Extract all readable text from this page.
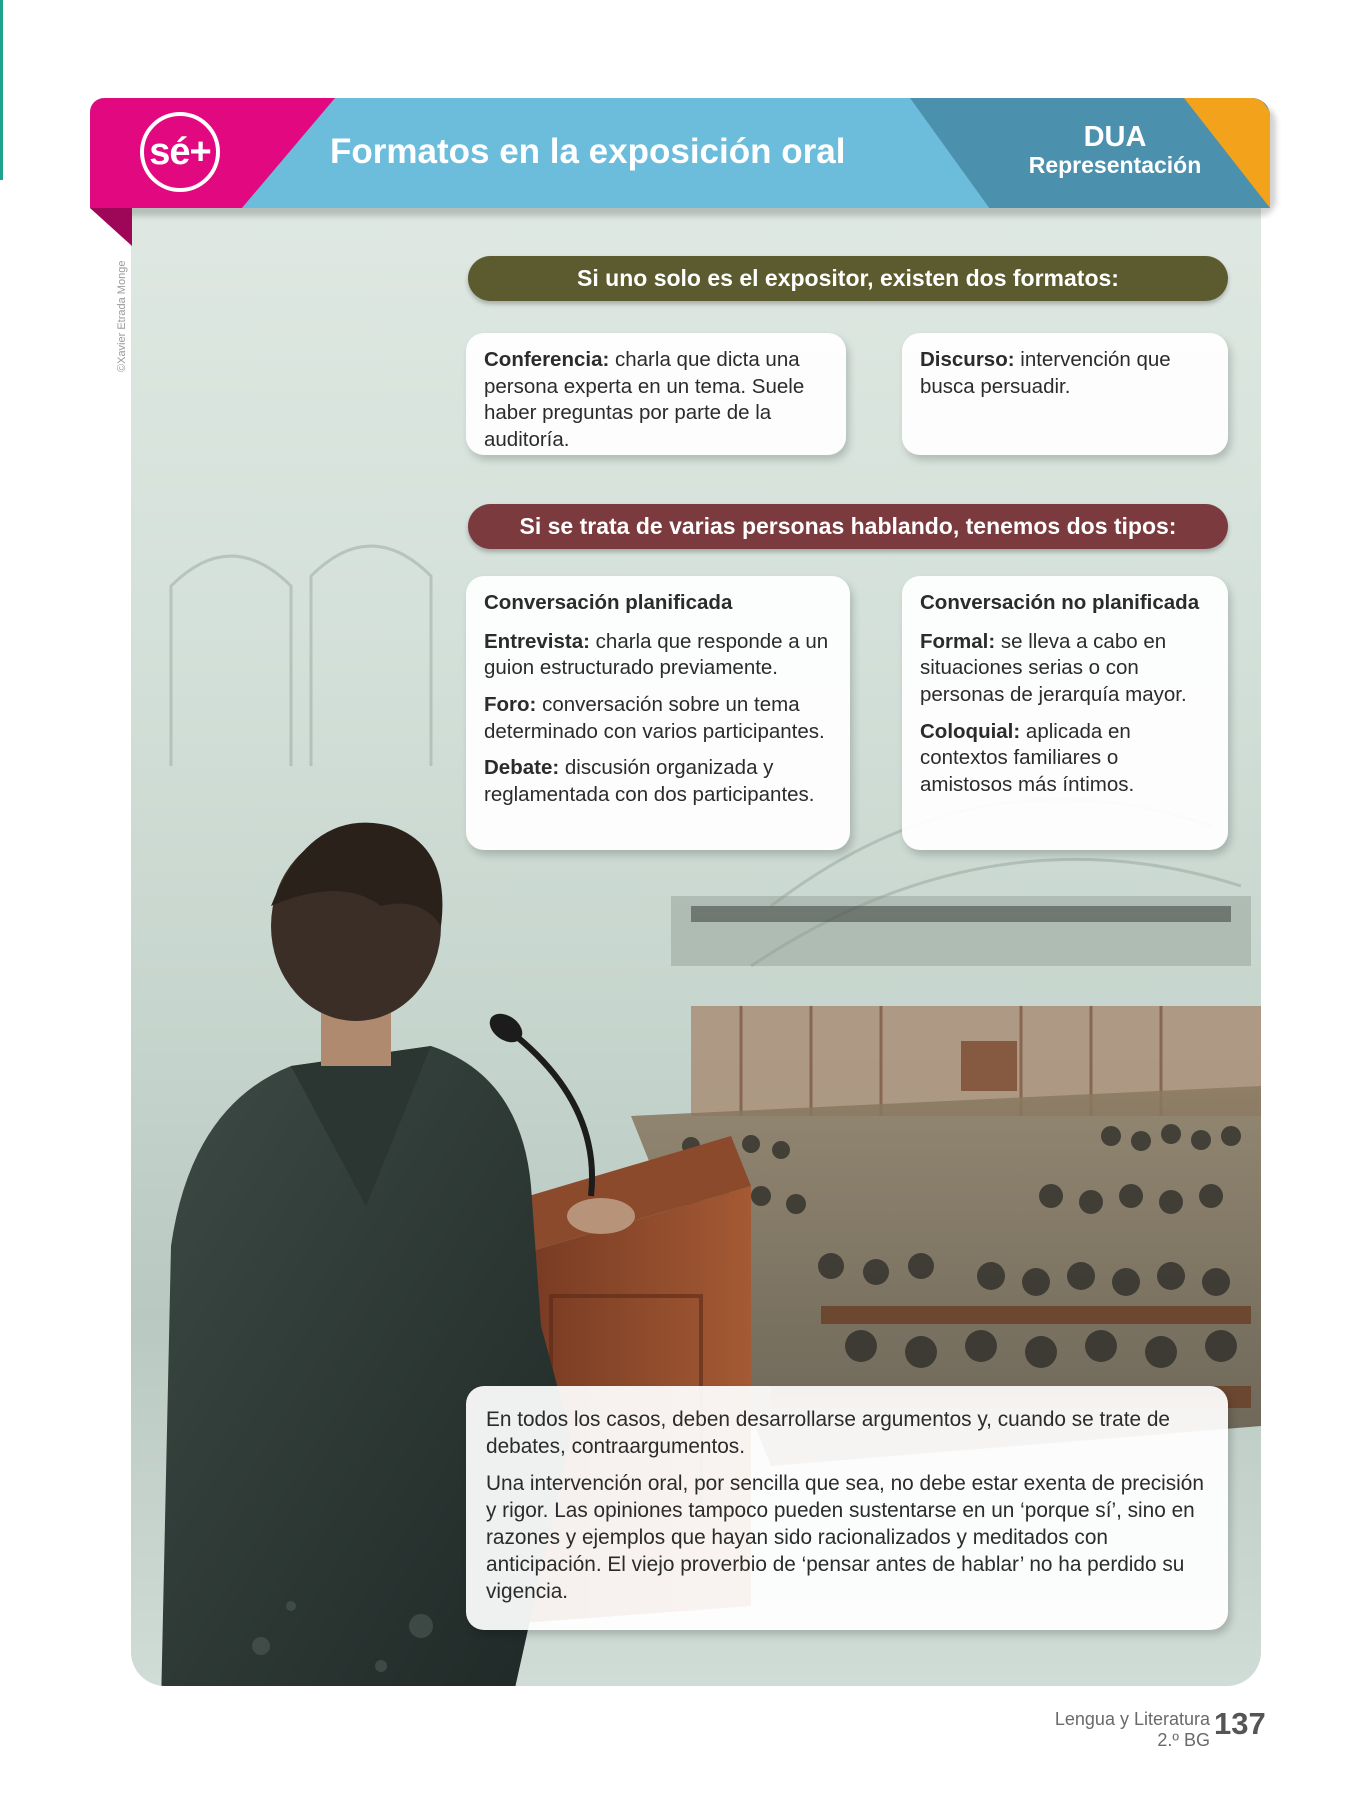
sé+	Formatos en la exposición oral	DUA
Representación
©Xavier Etrada Monge	Si uno solo es el expositor, existen dos formatos:
Conferencia: charla que dicta una persona experta en un tema. Suele haber preguntas por parte de la auditoría.
Discurso: intervención que busca persuadir.
Si se trata de varias personas hablando, tenemos dos tipos:
Conversación planificada

Entrevista: charla que responde a un guion estructurado previamente.

Foro: conversación sobre un tema determinado con varios participantes.

Debate: discusión organizada y reglamentada con dos participantes.

Conversación no planificada

Formal: se lleva a cabo en situaciones serias o con personas de jerarquía mayor.

Coloquial: aplicada en contextos familiares o amistosos más íntimos.

En todos los casos, deben desarrollarse argumentos y, cuando se trate de debates, contraargumentos.

Una intervención oral, por sencilla que sea, no debe estar exenta de precisión y rigor. Las opiniones tampoco pueden sustentarse en un ‘porque sí’, sino en razones y ejemplos que hayan sido racionalizados y meditados con anticipación. El viejo proverbio de ‘pensar antes de hablar’ no ha perdido su vigencia.

Lengua y Literatura
2.º BG 137
